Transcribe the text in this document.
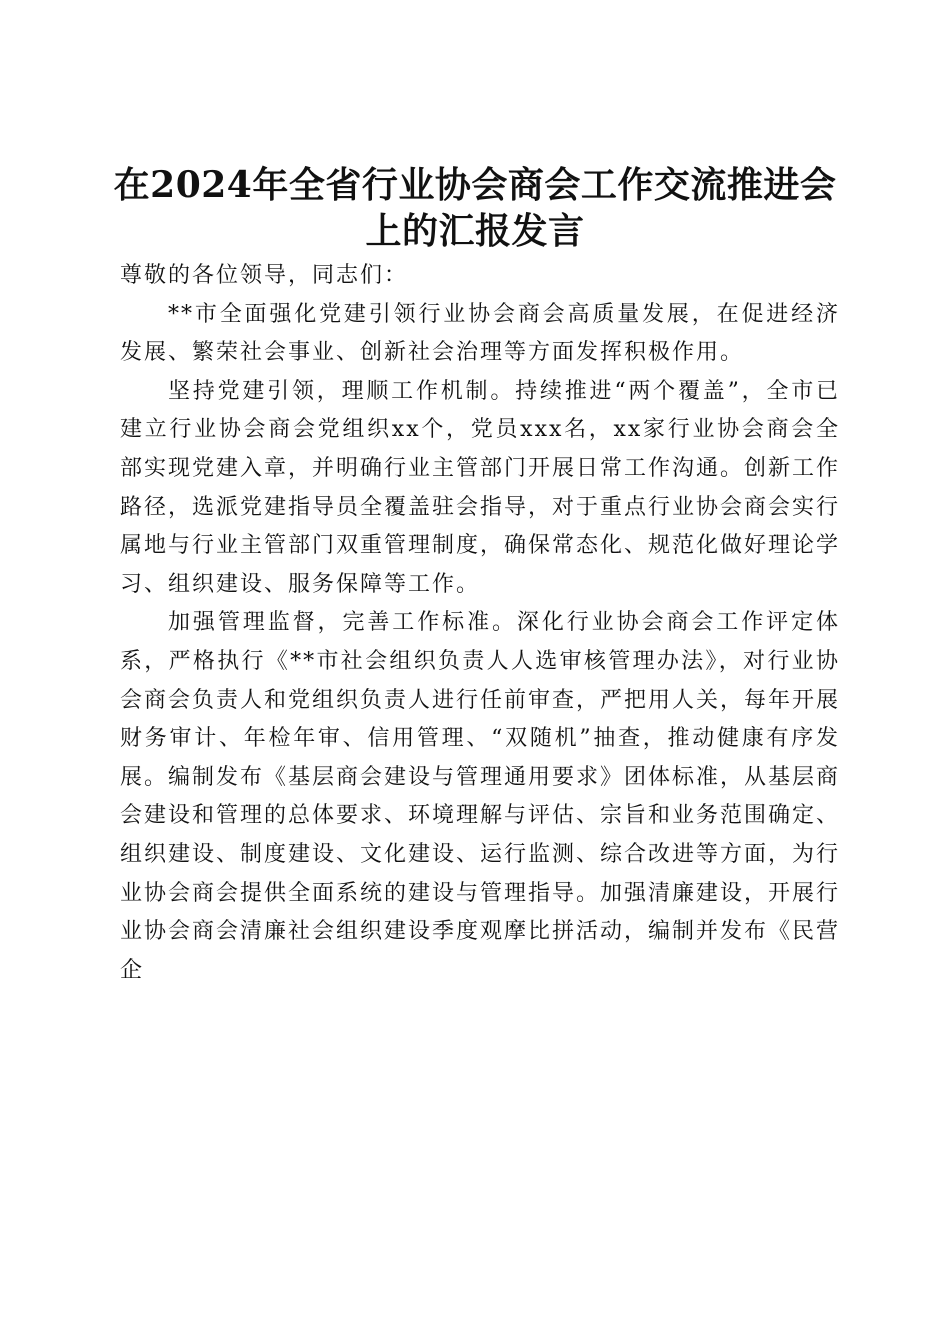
在2024年全省行业协会商会工作交流推进会
上的汇报发言

尊敬的各位领导，同志们：

**市全面强化党建引领行业协会商会高质量发展，在促进经济发展、繁荣社会事业、创新社会治理等方面发挥积极作用。

坚持党建引领，理顺工作机制。持续推进“两个覆盖”，全市已建立行业协会商会党组织xx个，党员xxx名，xx家行业协会商会全部实现党建入章，并明确行业主管部门开展日常工作沟通。创新工作路径，选派党建指导员全覆盖驻会指导，对于重点行业协会商会实行属地与行业主管部门双重管理制度，确保常态化、规范化做好理论学习、组织建设、服务保障等工作。

加强管理监督，完善工作标准。深化行业协会商会工作评定体系，严格执行《**市社会组织负责人人选审核管理办法》，对行业协会商会负责人和党组织负责人进行任前审查，严把用人关，每年开展财务审计、年检年审、信用管理、“双随机”抽查，推动健康有序发展。编制发布《基层商会建设与管理通用要求》团体标准，从基层商会建设和管理的总体要求、环境理解与评估、宗旨和业务范围确定、组织建设、制度建设、文化建设、运行监测、综合改进等方面，为行业协会商会提供全面系统的建设与管理指导。加强清廉建设，开展行业协会商会清廉社会组织建设季度观摩比拼活动，编制并发布《民营企
